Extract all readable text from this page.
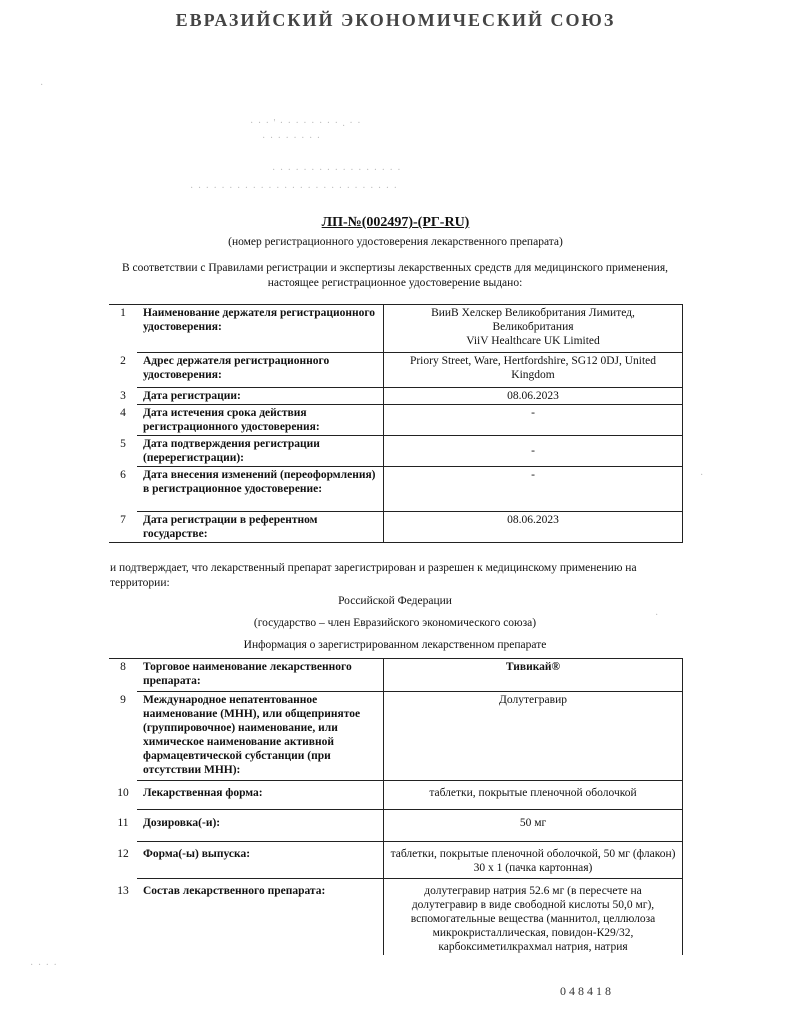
ЕВРАЗИЙСКИЙ ЭКОНОМИЧЕСКИЙ СОЮЗ
· · · ' · · · · · · · · . · ·
· · · · · · · ·
· · · · · · · · · · · · · · · · ·
· · · · · · · · · · · · · · · · · · · · · · · · · · ·
·
· · · ·
·
·
ЛП-№(002497)-(РГ-RU)
(номер регистрационного удостоверения лекарственного препарата)
В соответствии с Правилами регистрации и экспертизы лекарственных средств для медицинского применения, настоящее регистрационное удостоверение выдано:
1	Наименование держателя регистрационного удостоверения:	ВииВ Хелскер Великобритания Лимитед, Великобритания
ViiV Healthcare UK Limited
2	Адрес держателя регистрационного удостоверения:	Priory Street, Ware, Hertfordshire, SG12 0DJ, United Kingdom
3	Дата регистрации:	08.06.2023
4	Дата истечения срока действия регистрационного удостоверения:	-
5	Дата подтверждения регистрации (перерегистрации):	-
6	Дата внесения изменений (переоформления) в регистрационное удостоверение:	-
7	Дата регистрации в референтном государстве:	08.06.2023
и подтверждает, что лекарственный препарат зарегистрирован и разрешен к медицинскому применению на территории:
Российской Федерации
(государство – член Евразийского экономического союза)
Информация о зарегистрированном лекарственном препарате
8	Торговое наименование лекарственного препарата:	Тивикай®
9	Международное непатентованное наименование (МНН), или общепринятое (группировочное) наименование, или химическое наименование активной фармацевтической субстанции (при отсутствии МНН):	Долутегравир
10	Лекарственная форма:	таблетки, покрытые пленочной оболочкой
11	Дозировка(-и):	50 мг
12	Форма(-ы) выпуска:	таблетки, покрытые пленочной оболочкой, 50 мг (флакон) 30 х 1 (пачка картонная)
13	Состав лекарственного препарата:	долутегравир натрия 52.6 мг (в пересчете на долутегравир в виде свободной кислоты 50,0 мг), вспомогательные вещества (маннитол, целлюлоза микрокристаллическая, повидон-К29/32, карбоксиметилкрахмал натрия, натрия
048418
